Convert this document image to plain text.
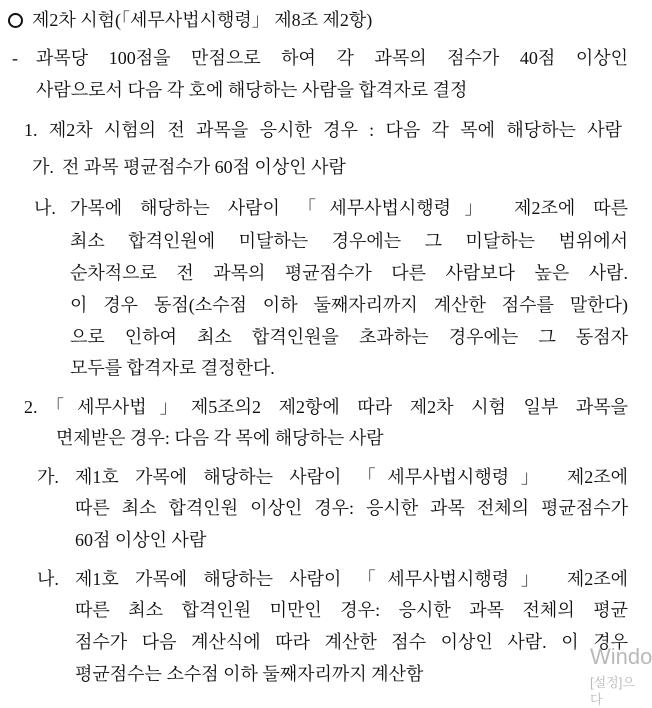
제2차 시험(「세무사법시행령」 제8조 제2항)
- 과목당 100점을 만점으로 하여 각 과목의 점수가 40점 이상인
사람으로서 다음 각 호에 해당하는 사람을 합격자로 결정
1. 제2차 시험의 전 과목을 응시한 경우 : 다음 각 목에 해당하는 사람
가. 전 과목 평균점수가 60점 이상인 사람
나. 가목에 해당하는 사람이 「세무사법시행령」 제2조에 따른
최소 합격인원에 미달하는 경우에는 그 미달하는 범위에서
순차적으로 전 과목의 평균점수가 다른 사람보다 높은 사람.
이 경우 동점(소수점 이하 둘째자리까지 계산한 점수를 말한다)
으로 인하여 최소 합격인원을 초과하는 경우에는 그 동점자
모두를 합격자로 결정한다.
2. 「세무사법」제5조의2 제2항에 따라 제2차 시험 일부 과목을
면제받은 경우: 다음 각 목에 해당하는 사람
가. 제1호 가목에 해당하는 사람이 「세무사법시행령」 제2조에
따른 최소 합격인원 이상인 경우: 응시한 과목 전체의 평균점수가
60점 이상인 사람
나. 제1호 가목에 해당하는 사람이 「세무사법시행령」 제2조에
따른 최소 합격인원 미만인 경우: 응시한 과목 전체의 평균
점수가 다음 계산식에 따라 계산한 점수 이상인 사람. 이 경우
평균점수는 소수점 이하 둘째자리까지 계산함
Windo
[설정]으
다
